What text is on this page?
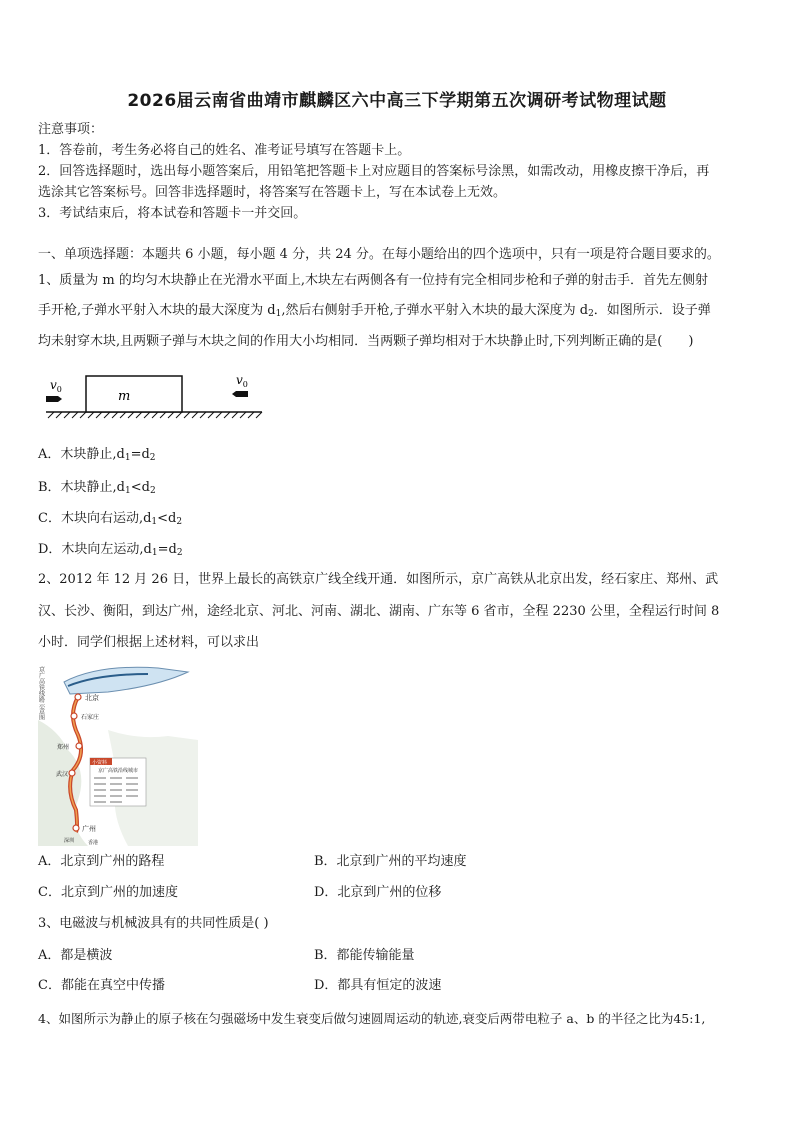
2026届云南省曲靖市麒麟区六中高三下学期第五次调研考试物理试题
注意事项：
1．答卷前，考生务必将自己的姓名、准考证号填写在答题卡上。
2．回答选择题时，选出每小题答案后，用铅笔把答题卡上对应题目的答案标号涂黑，如需改动，用橡皮擦干净后，再
选涂其它答案标号。回答非选择题时，将答案写在答题卡上，写在本试卷上无效。
3．考试结束后，将本试卷和答题卡一并交回。
一、单项选择题：本题共 6 小题，每小题 4 分，共 24 分。在每小题给出的四个选项中，只有一项是符合题目要求的。
1、质量为 m 的均匀木块静止在光滑水平面上,木块左右两侧各有一位持有完全相同步枪和子弹的射击手．首先左侧射
手开枪,子弹水平射入木块的最大深度为 $d_1$,然后右侧射手开枪,子弹水平射入木块的最大深度为 $d_2$．如图所示．设子弹
均未射穿木块,且两颗子弹与木块之间的作用大小均相同．当两颗子弹均相对于木块静止时,下列判断正确的是(　　)
m
$v_0$
$v_0$
A．木块静止$,d_1=d_2$
B．木块静止$,d_1<d_2$
C．木块向右运动$,d_1<d_2$
D．木块向左运动$,d_1=d_2$
2、2012 年 12 月 26 日，世界上最长的高铁京广线全线开通．如图所示，京广高铁从北京出发，经石家庄、郑州、武
汉、长沙、衡阳，到达广州，途经北京、河北、河南、湖北、湖南、广东等 6 省市，全程 2230 公里，全程运行时间 8
小时．同学们根据上述材料，可以求出
京广高铁线路示意图	北京
石家庄
郑州
武汉
广州
深圳	香港
小资料
京广高铁沿线城市
A．北京到广州的路程	B．北京到广州的平均速度
C．北京到广州的加速度	D．北京到广州的位移
3、电磁波与机械波具有的共同性质是( )
A．都是横波	B．都能传输能量
C．都能在真空中传播	D．都具有恒定的波速
4、如图所示为静止的原子核在匀强磁场中发生衰变后做匀速圆周运动的轨迹,衰变后两带电粒子 a、b 的半径之比为45:1,
